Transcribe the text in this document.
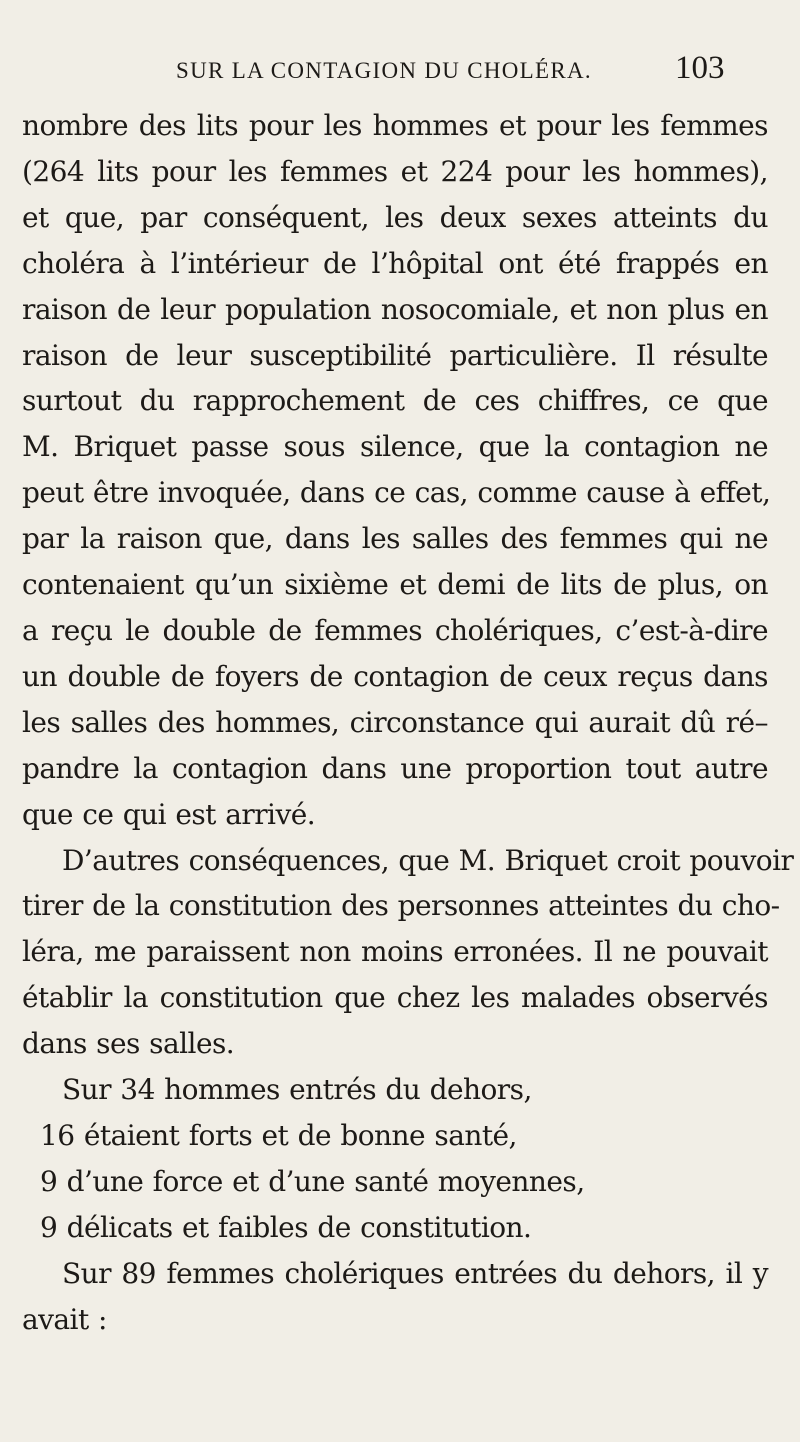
SUR LA CONTAGION DU CHOLÉRA.	103
nombre des lits pour les hommes et pour les femmes
(264 lits pour les femmes et 224 pour les hommes),
et que, par conséquent, les deux sexes atteints du
choléra à l’intérieur de l’hôpital ont été frappés en
raison de leur population nosocomiale, et non plus en
raison de leur susceptibilité particulière. Il résulte
surtout du rapprochement de ces chiffres, ce que
M. Briquet passe sous silence, que la contagion ne
peut être invoquée, dans ce cas, comme cause à effet,
par la raison que, dans les salles des femmes qui ne
contenaient qu’un sixième et demi de lits de plus, on
a reçu le double de femmes cholériques, c’est-à-dire
un double de foyers de contagion de ceux reçus dans
les salles des hommes, circonstance qui aurait dû ré–
pandre la contagion dans une proportion tout autre
que ce qui est arrivé.
D’autres conséquences, que M. Briquet croit pouvoir
tirer de la constitution des personnes atteintes du cho-
léra, me paraissent non moins erronées. Il ne pouvait
établir la constitution que chez les malades observés
dans ses salles.
Sur 34 hommes entrés du dehors,
16 étaient forts et de bonne santé,
9 d’une force et d’une santé moyennes,
9 délicats et faibles de constitution.
Sur 89 femmes cholériques entrées du dehors, il y
avait :
